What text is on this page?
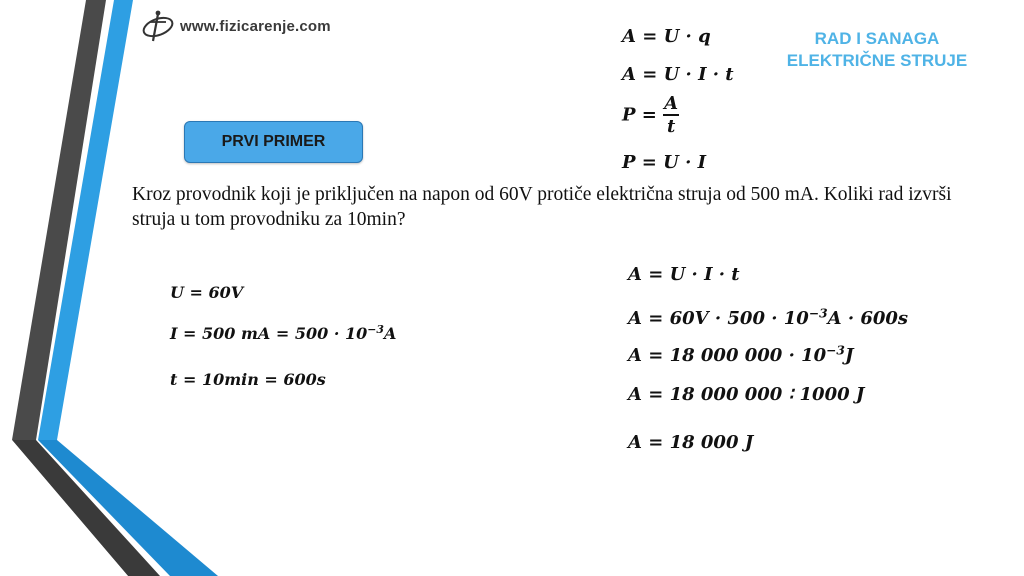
www.fizicarenje.com
RAD I SANAGA
ELEKTRIČNE STRUJE
PRVI PRIMER
A = U · q
A = U · I · t
$P = \frac{A}{t}$
P = U · I
Kroz provodnik koji je priključen na napon od 60V protiče električna struja od 500 mA. Koliki rad izvrši struja u tom provodniku za 10min?
U = 60V
I = 500 mA = $500 \cdot 10^{-3}A$
t = 10min = 600s
A = U · I · t
$A = 60V \cdot 500 \cdot 10^{-3}A \cdot 600s$
A = 18 000 $000 \cdot 10^{-3}J$
A = 18 000 000 ∶ 1000 J
A = 18 000 J
